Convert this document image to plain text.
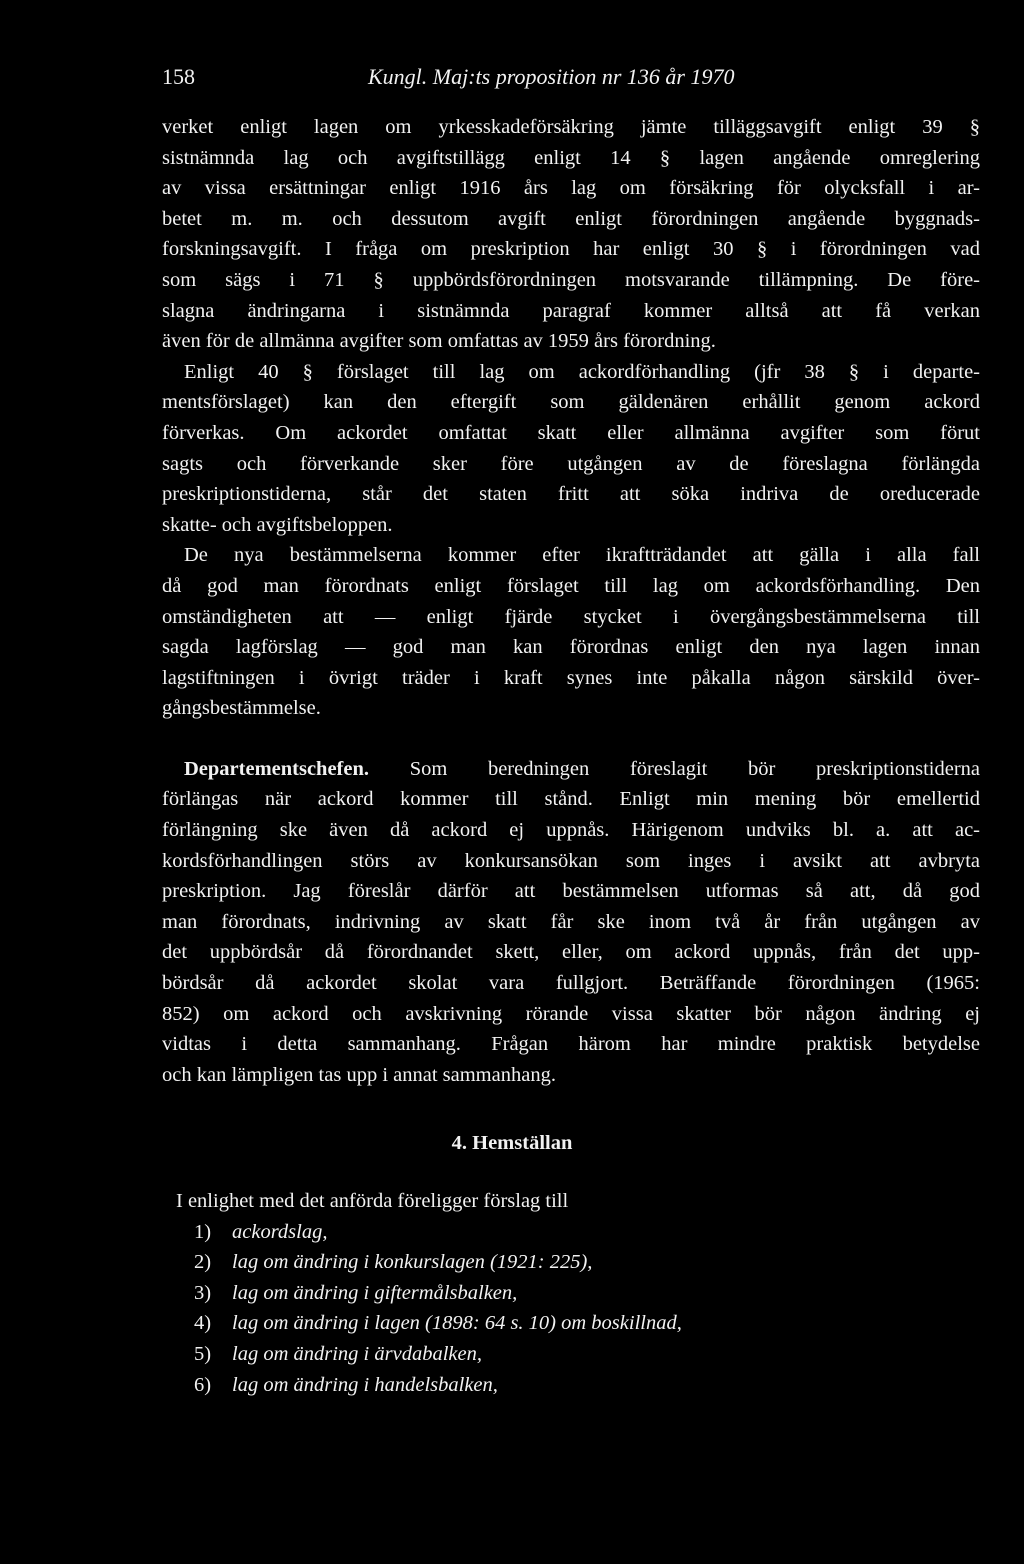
158	Kungl. Maj:ts proposition nr 136 år 1970
verket enligt lagen om yrkesskadeförsäkring jämte tilläggsavgift enligt 39 §
sistnämnda lag och avgiftstillägg enligt 14 § lagen angående omreglering
av vissa ersättningar enligt 1916 års lag om försäkring för olycksfall i ar-
betet m. m. och dessutom avgift enligt förordningen angående byggnads-
forskningsavgift. I fråga om preskription har enligt 30 § i förordningen vad
som sägs i 71 § uppbördsförordningen motsvarande tillämpning. De före-
slagna ändringarna i sistnämnda paragraf kommer alltså att få verkan
även för de allmänna avgifter som omfattas av 1959 års förordning.
Enligt 40 § förslaget till lag om ackordförhandling (jfr 38 § i departe-
mentsförslaget) kan den eftergift som gäldenären erhållit genom ackord
förverkas. Om ackordet omfattat skatt eller allmänna avgifter som förut
sagts och förverkande sker före utgången av de föreslagna förlängda
preskriptionstiderna, står det staten fritt att söka indriva de oreducerade
skatte- och avgiftsbeloppen.
De nya bestämmelserna kommer efter ikraftträdandet att gälla i alla fall
då god man förordnats enligt förslaget till lag om ackordsförhandling. Den
omständigheten att — enligt fjärde stycket i övergångsbestämmelserna till
sagda lagförslag — god man kan förordnas enligt den nya lagen innan
lagstiftningen i övrigt träder i kraft synes inte påkalla någon särskild över-
gångsbestämmelse.
Departementschefen. Som beredningen föreslagit bör preskriptionstiderna
förlängas när ackord kommer till stånd. Enligt min mening bör emellertid
förlängning ske även då ackord ej uppnås. Härigenom undviks bl. a. att ac-
kordsförhandlingen störs av konkursansökan som inges i avsikt att avbryta
preskription. Jag föreslår därför att bestämmelsen utformas så att, då god
man förordnats, indrivning av skatt får ske inom två år från utgången av
det uppbördsår då förordnandet skett, eller, om ackord uppnås, från det upp-
bördsår då ackordet skolat vara fullgjort. Beträffande förordningen (1965:
852) om ackord och avskrivning rörande vissa skatter bör någon ändring ej
vidtas i detta sammanhang. Frågan härom har mindre praktisk betydelse
och kan lämpligen tas upp i annat sammanhang.
4. Hemställan
I enlighet med det anförda föreligger förslag till
1) ackordslag,
2) lag om ändring i konkurslagen (1921: 225),
3) lag om ändring i giftermålsbalken,
4) lag om ändring i lagen (1898: 64 s. 10) om boskillnad,
5) lag om ändring i ärvdabalken,
6) lag om ändring i handelsbalken,
